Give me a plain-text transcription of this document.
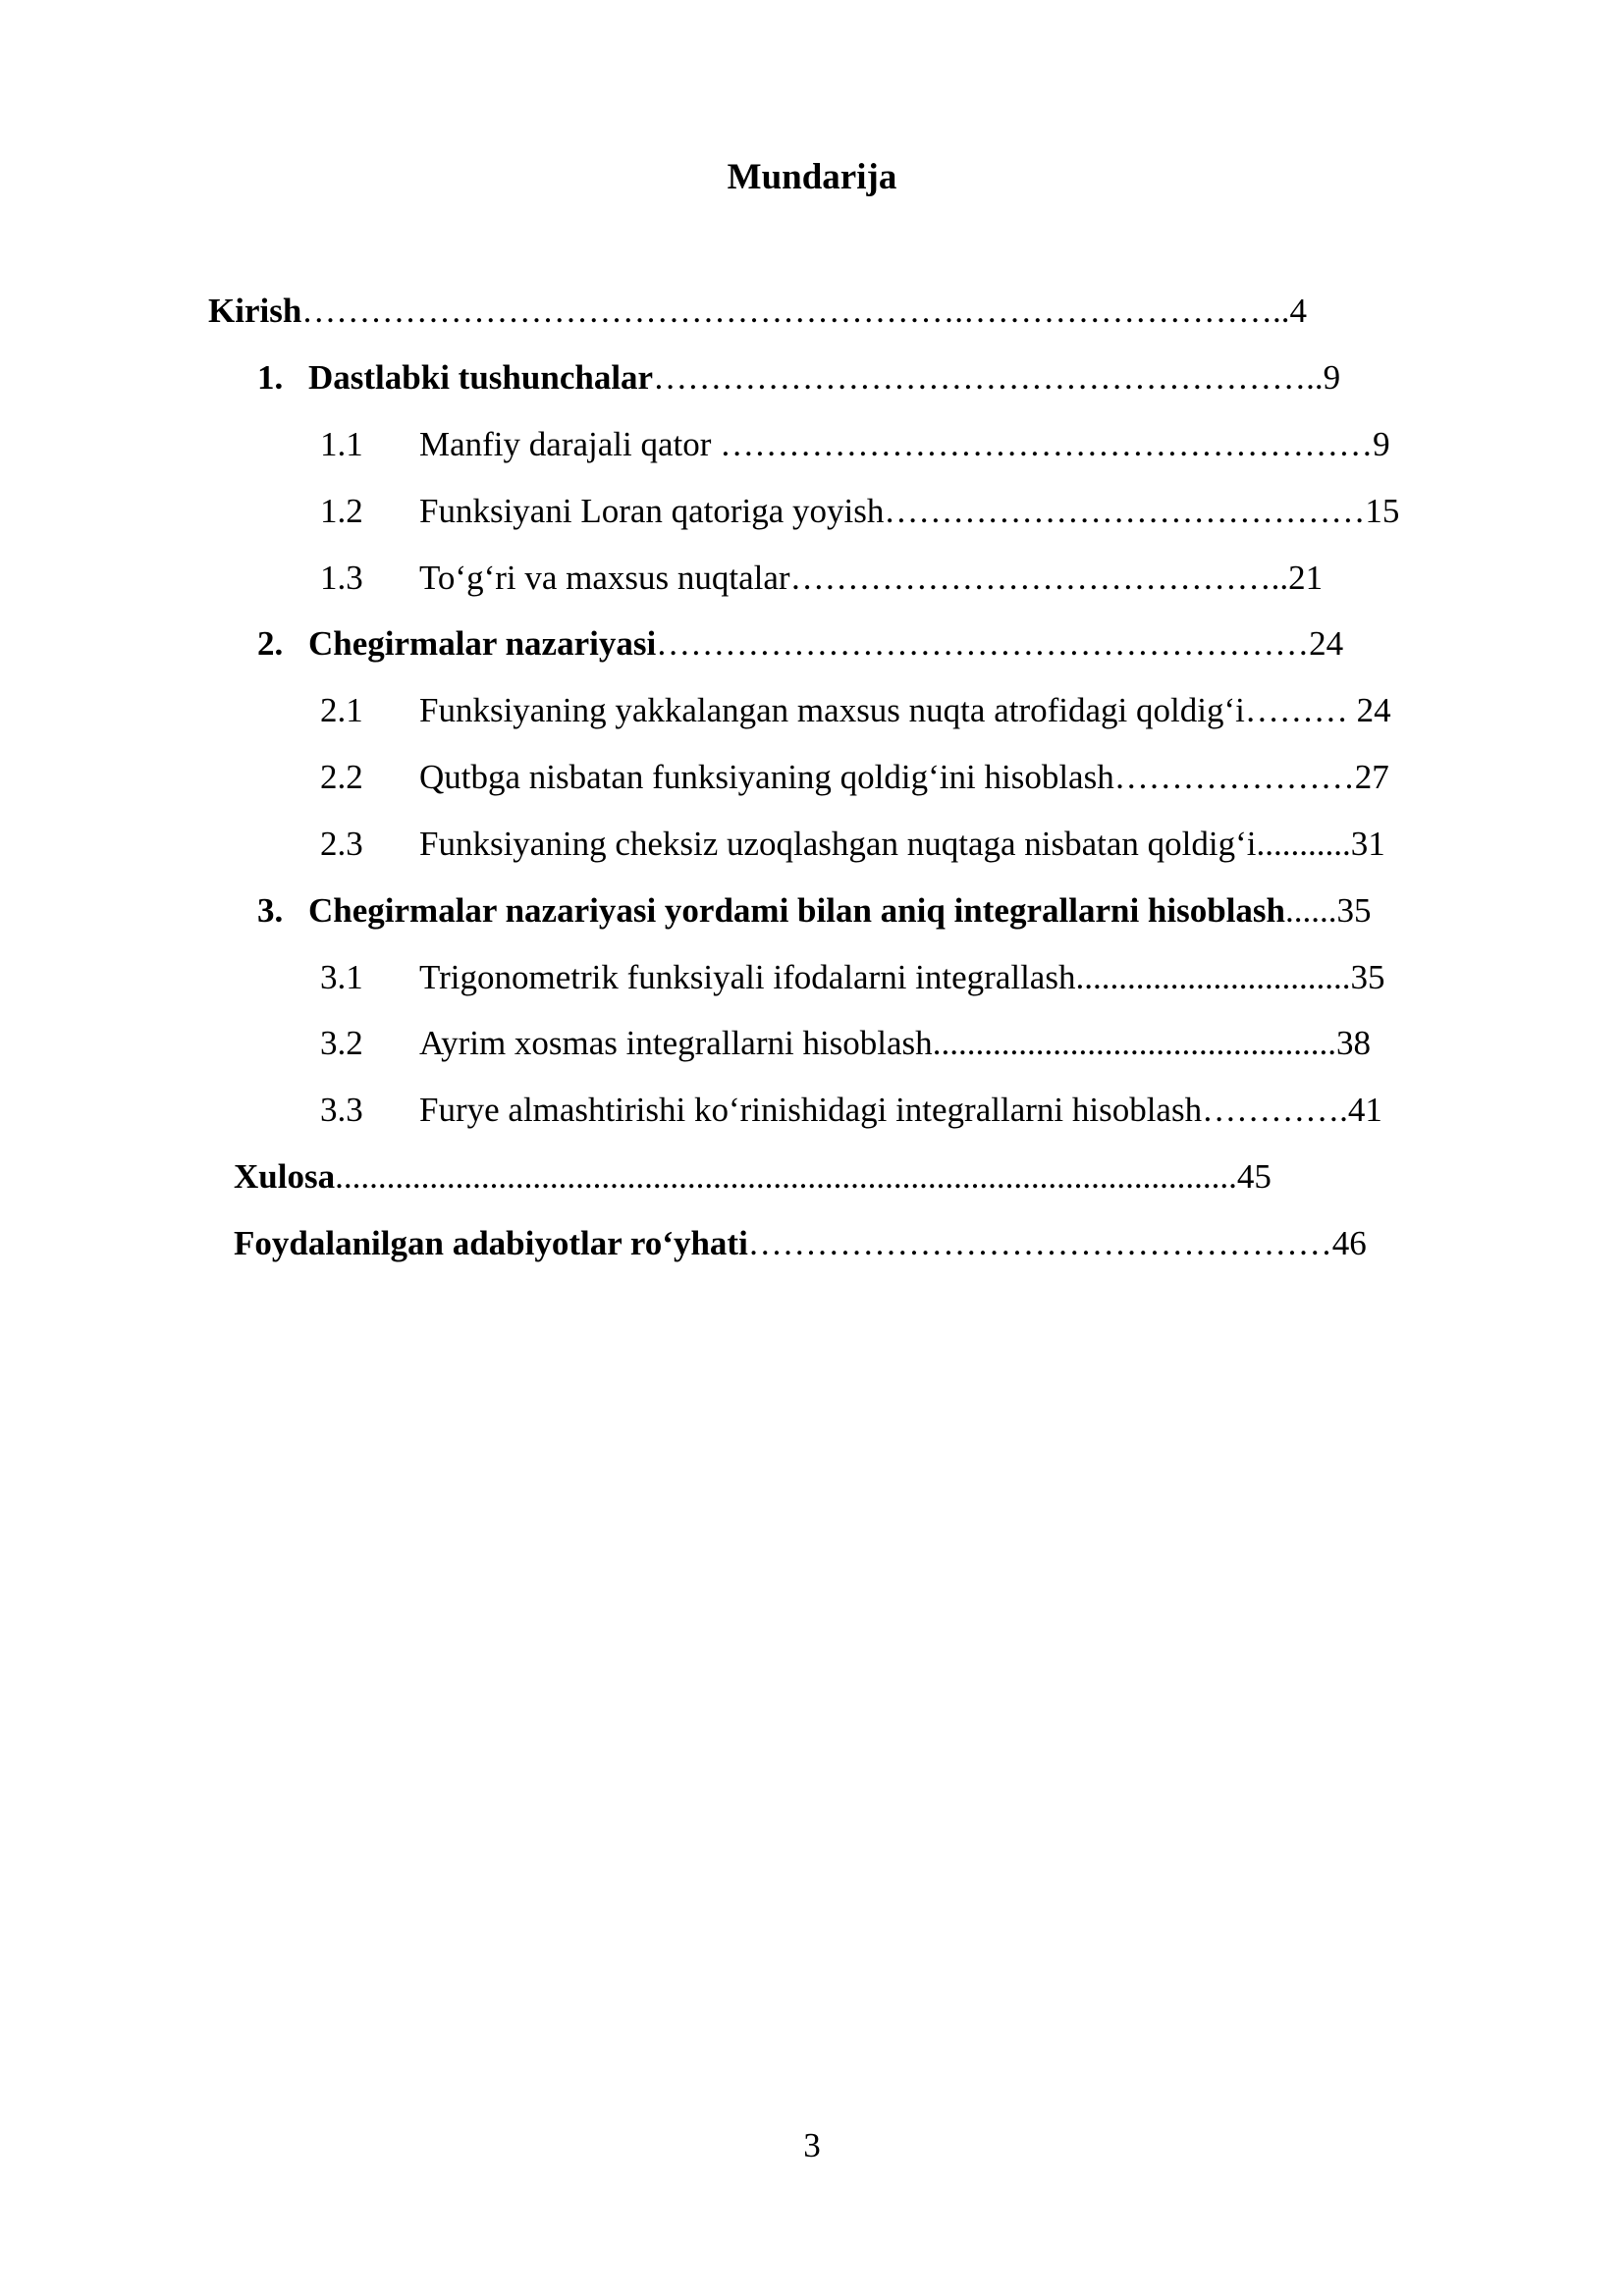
Mundarija
Kirish………………………………………………….………………………..4
1. Dastlabki tushunchalar…………………………………………………..9
1.1 Manfiy darajali qator …………………………………………………9
1.2 Funksiyani Loran qatoriga yoyish……………………………………15
1.3 To‘g‘ri va maxsus nuqtalar……………………………………..21
2. Chegirmalar nazariyasi…………………………………………………24
2.1 Funksiyaning yakkalangan maxsus nuqta atrofidagi qoldig‘i……… 24
2.2 Qutbga nisbatan funksiyaning qoldig‘ini hisoblash…………………27
2.3 Funksiyaning cheksiz uzoqlashgan nuqtaga nisbatan qoldig‘i...........31
3. Chegirmalar nazariyasi yordami bilan aniq integrallarni hisoblash......35
3.1 Trigonometrik funksiyali ifodalarni integrallash................................35
3.2 Ayrim xosmas integrallarni hisoblash...............................................38
3.3 Furye almashtirishi ko‘rinishidagi integrallarni hisoblash………….41
Xulosa.........................................................................................................45
Foydalanilgan adabiyotlar ro‘yhati……………………………………………46
3
